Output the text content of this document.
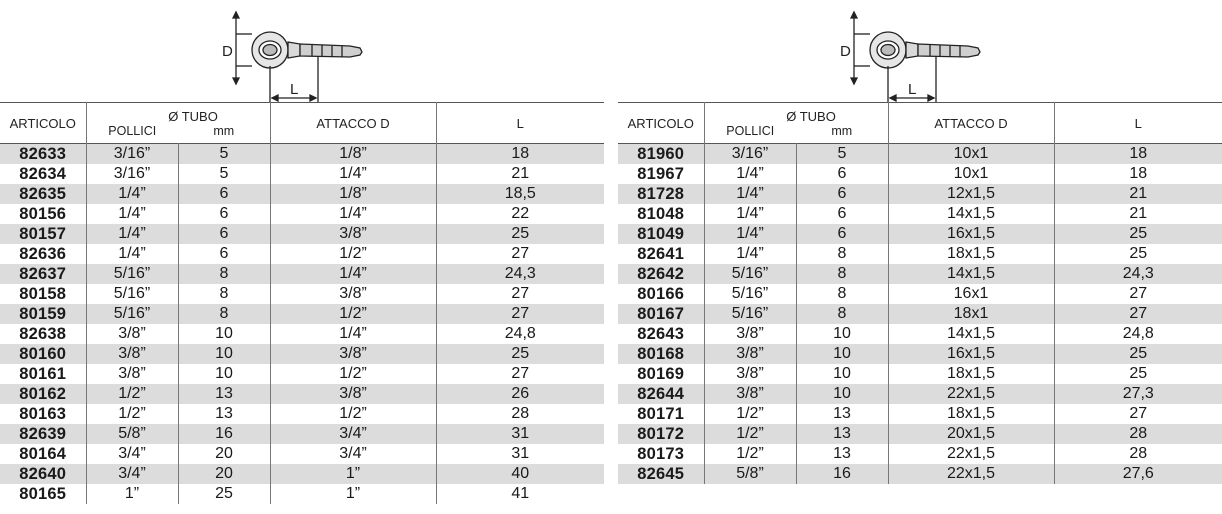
D
L
ARTICOLO	Ø TUBO		ATTACCO D	L
	POLLICI	mm		
82633	3/16”	5	1/8”	18
82634	3/16”	5	1/4”	21
82635	1/4”	6	1/8”	18,5
80156	1/4”	6	1/4”	22
80157	1/4”	6	3/8”	25
82636	1/4”	6	1/2”	27
82637	5/16”	8	1/4”	24,3
80158	5/16”	8	3/8”	27
80159	5/16”	8	1/2”	27
82638	3/8”	10	1/4”	24,8
80160	3/8”	10	3/8”	25
80161	3/8”	10	1/2”	27
80162	1/2”	13	3/8”	26
80163	1/2”	13	1/2”	28
82639	5/8”	16	3/4”	31
80164	3/4”	20	3/4”	31
82640	3/4”	20	1”	40
80165	1”	25	1”	41
D
L
ARTICOLO	Ø TUBO		ATTACCO D	L
	POLLICI	mm		
81960	3/16”	5	10x1	18
81967	1/4”	6	10x1	18
81728	1/4”	6	12x1,5	21
81048	1/4”	6	14x1,5	21
81049	1/4”	6	16x1,5	25
82641	1/4”	8	18x1,5	25
82642	5/16”	8	14x1,5	24,3
80166	5/16”	8	16x1	27
80167	5/16”	8	18x1	27
82643	3/8”	10	14x1,5	24,8
80168	3/8”	10	16x1,5	25
80169	3/8”	10	18x1,5	25
82644	3/8”	10	22x1,5	27,3
80171	1/2”	13	18x1,5	27
80172	1/2”	13	20x1,5	28
80173	1/2”	13	22x1,5	28
82645	5/8”	16	22x1,5	27,6
